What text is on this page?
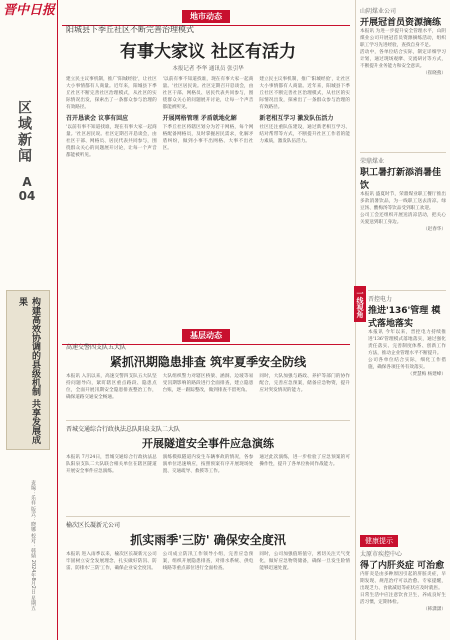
晋中日报
区域新闻
A 04
构建高效协调的县级机制 共享发展成果
责编：乐祥 版式：晓娜 校对：韩婧 2024年8月2日 星期五
地市动态
阳城县下季丘社区不断完善治理模式
有事大家议 社区有活力
本报记者 李华 通讯员 张引华

建立民主议事机制，推广'阳城经验'，让社区大小事情都有人商量。近年来，阳城县下季丘社区不断完善社区治理模式，从社区的实际情况出发，探索出了一条群众参与治理的有效路径。

召开恳谈会 议事有回应

'以前有事不知道找谁，现在有事大家一起商量。'社区居民说。社区定期召开恳谈会，由社区干部、网格员、居民代表共同参与，围绕群众关心的问题展开讨论，让每一个声音都能被听见。

'以前有事不知道找谁，现在有事大家一起商量。'社区居民说。社区定期召开恳谈会，由社区干部、网格员、居民代表共同参与，围绕群众关心的问题展开讨论，让每一个声音都能被听见。

开展网格管理 矛盾就地化解

下季丘社区将辖区划分为若干网格，每个网格配备网格员，及时掌握居民需求，化解矛盾纠纷，做到小事不出网格、大事不出社区。

建立民主议事机制，推广'阳城经验'，让社区大小事情都有人商量。近年来，阳城县下季丘社区不断完善社区治理模式，从社区的实际情况出发，探索出了一条群众参与治理的有效路径。

新老相互学习 激发队伍活力

社区还注重队伍建设，通过新老相互学习、结对帮带等方式，不断提升社区工作者的能力素质，激发队伍活力。

基层动态
高速交警四支队五大队
紧抓汛期隐患排查 筑牢夏季安全防线

本报讯 入汛以来，高速交警四支队五大队坚持问题导向，紧盯辖区重点路段、隐患点位，全面开展汛期安全隐患排查整治工作，确保道路交通安全畅通。

大队组织警力对辖区桥梁、涵洞、边坡等易受汛期影响的路段进行全面排查，建立隐患台账，逐一跟踪整改，做到排查不留死角。

同时，大队加强与路政、养护等部门的协作配合，完善应急预案，储备应急物资，提升应对突发情况的能力。

晋城交通综合行政执法总队阳泉支队二大队
开展隧道安全事件应急演练

本报讯 7月24日，晋城交通综合行政执法总队阳泉支队二大队联合相关单位在辖区隧道开展安全事件应急演练。

演练模拟隧道内发生车辆事故的情况，各参演单位迅速响应，按照预案有序开展现场处置、交通疏导、救援等工作。

通过此次演练，进一步检验了应急预案的可操作性，提升了各单位协同作战能力。

榆次区长凝新元公司
抓实雨季'三防' 确保安全度汛

本报讯 进入雨季以来，榆次区长凝新元公司牢固树立安全发展理念，扎实做好防汛、防雷、防排水'三防'工作，确保企业安全度汛。

公司成立防汛工作领导小组，完善应急预案，组织开展隐患排查，对排水系统、供电线路等重点部位进行全面检查。

同时，公司加强值班值守，密切关注天气变化，做好应急物资储备，确保一旦发生险情能够迅速处置。

山阴煤业公司
开展冠首员资源摘练

本报讯 为进一步提升安全管理水平，山阴煤业公司开展冠首员资源摘练活动，组织职工学习先进经验，查找自身不足。

活动中，各单位结合实际，制定详细学习计划，通过现场观摩、交流研讨等方式，不断提升业务能力和安全意识。

（崔晓燕）

荣鼎煤业
职工暑打新添消暑佳饮

本报讯 盛夏时节，荣鼎煤业职工餐厅推出多款消暑饮品，为一线职工送去清凉。绿豆汤、酸梅汤等饮品受到职工欢迎。

公司工会还组织开展送清凉活动，把关心关爱送到职工身边。

（赵春华）

一线视角 晋控电力
推进'136'管理 模式落地落实

本报讯 今年以来，晋控电力持续推进'136'管理模式落地落实，通过强化责任落实、完善制度体系、创新工作方法，推动企业管理水平不断提升。

公司各单位结合实际，细化工作措施，确保各项任务有效落实。

（贾慧梅 杨建峰）

健康提示
太原市疾控中心
得了内肝炎症 可治愈

内肝炎是由多种原因引起的肝脏炎症，早期发现、规范治疗可以治愈。专家提醒，出现乏力、食欲减退等症状应及时就医。

日常生活中应注意饮食卫生，养成良好生活习惯，定期体检。

（韩潇潇）
